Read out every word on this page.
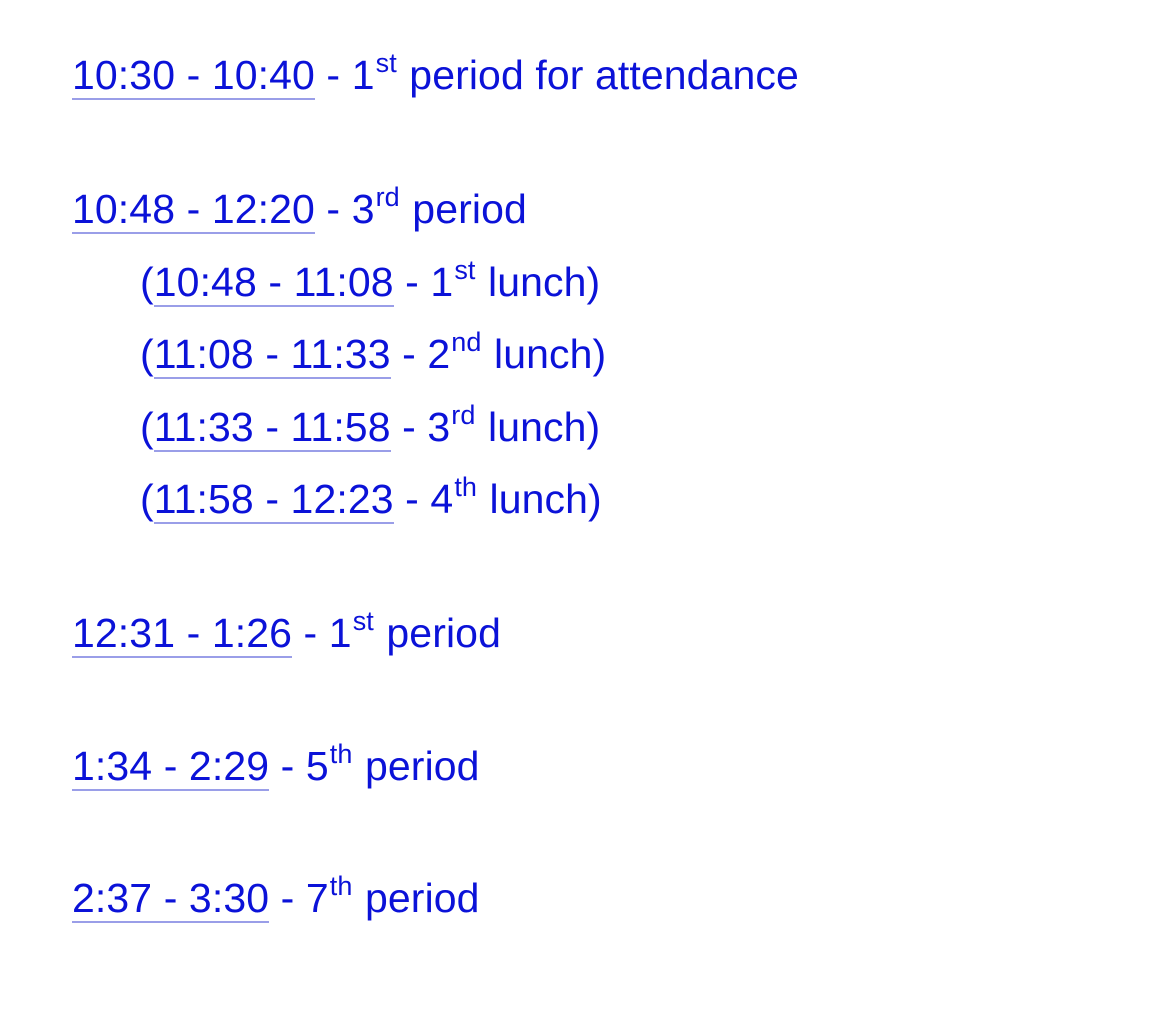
10:30 - 10:40 - 1st period for attendance
10:48 - 12:20 - 3rd period
(10:48 - 11:08 - 1st lunch)
(11:08 - 11:33 - 2nd lunch)
(11:33 - 11:58 - 3rd lunch)
(11:58 - 12:23 - 4th lunch)
12:31 - 1:26 - 1st period
1:34 - 2:29 - 5th period
2:37 - 3:30 - 7th period
